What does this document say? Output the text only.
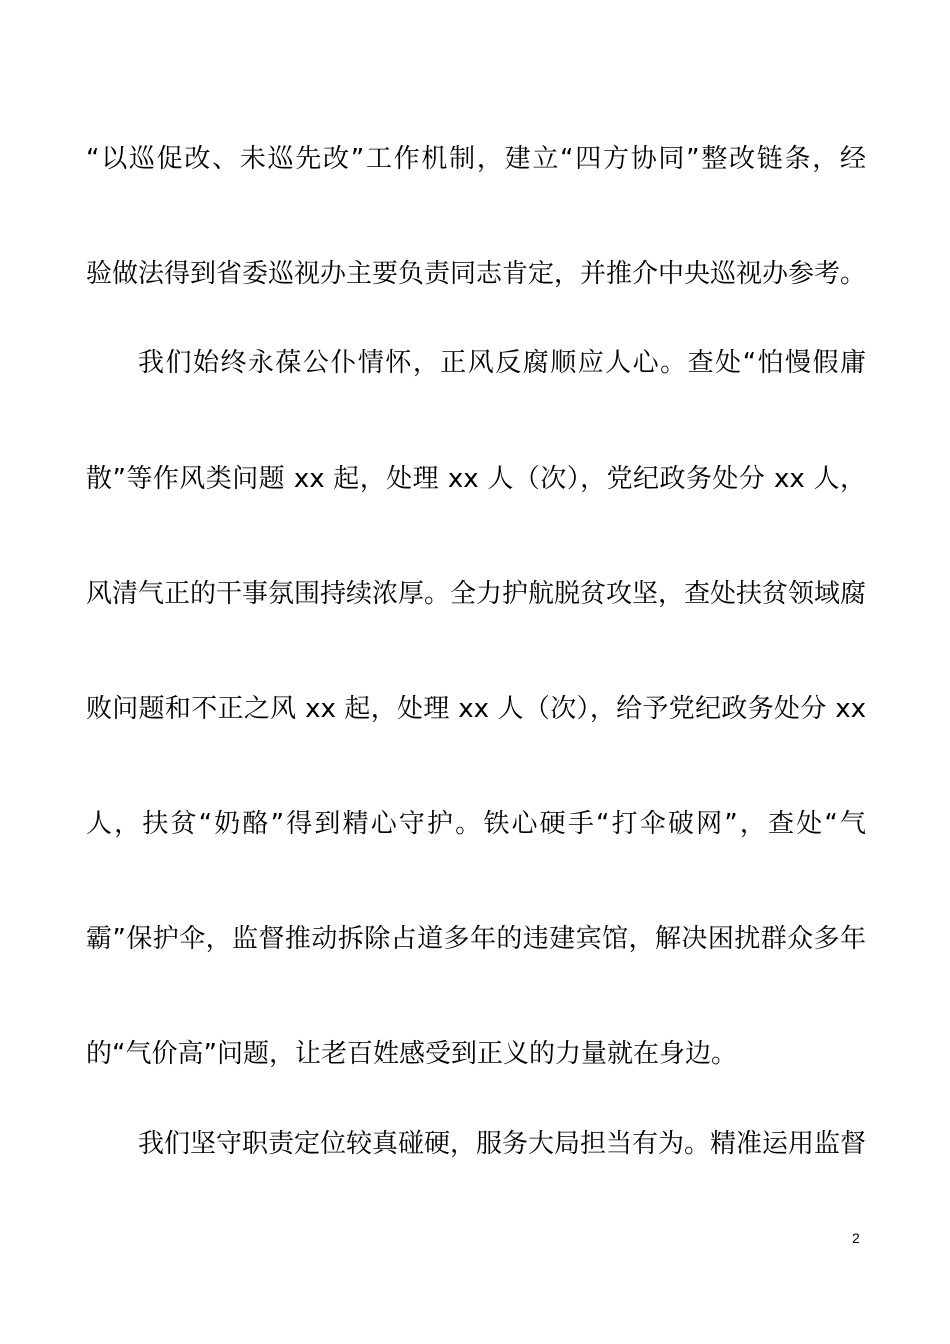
“以巡促改、未巡先改”工作机制，建立“四方协同”整改链条，经
验做法得到省委巡视办主要负责同志肯定，并推介中央巡视办参考。
我们始终永葆公仆情怀，正风反腐顺应人心。查处“怕慢假庸
散”等作风类问题 xx 起，处理 xx 人（次），党纪政务处分 xx 人，
风清气正的干事氛围持续浓厚。全力护航脱贫攻坚，查处扶贫领域腐
败问题和不正之风 xx 起，处理 xx 人（次），给予党纪政务处分 xx
人，扶贫“奶酪”得到精心守护。铁心硬手“打伞破网”，查处“气
霸”保护伞，监督推动拆除占道多年的违建宾馆，解决困扰群众多年
的“气价高”问题，让老百姓感受到正义的力量就在身边。
我们坚守职责定位较真碰硬，服务大局担当有为。精准运用监督
2
